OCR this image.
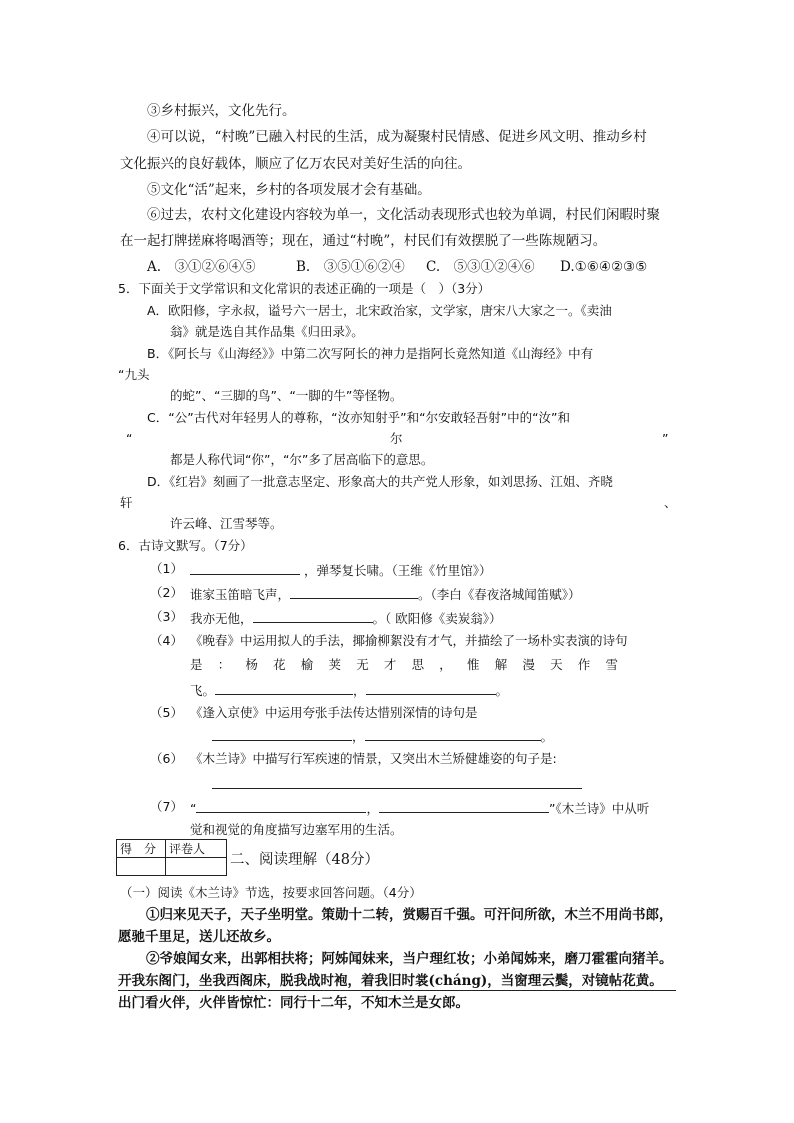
③乡村振兴，文化先行。
④可以说，“村晚”已融入村民的生活，成为凝聚村民情感、促进乡风文明、推动乡村
文化振兴的良好载体，顺应了亿万农民对美好生活的向往。
⑤文化“活”起来，乡村的各项发展才会有基础。
⑥过去，农村文化建设内容较为单一，文化活动表现形式也较为单调，村民们闲暇时聚
在一起打牌搓麻将喝酒等；现在，通过“村晚”，村民们有效摆脱了一些陈规陋习。
A.　③①②⑥④⑤	B.　③⑤①⑥②④ C.　⑤③①②④⑥ D.①⑥④②③⑤
5．下面关于文学常识和文化常识的表述正确的一项是（　）（3分）
A．欧阳修，字永叔，谥号六一居士，北宋政治家，文学家，唐宋八大家之一。《卖油
翁》就是选自其作品集《归田录》。
B．《阿长与《山海经》》中第二次写阿长的神力是指阿长竟然知道《山海经》中有
“九头
的蛇”、“三脚的鸟”、“一脚的牛”等怪物。
C．“公”古代对年轻男人的尊称，“汝亦知射乎”和“尔安敢轻吾射”中的“汝”和
“	尔	”
都是人称代词“你”，“尔”多了居高临下的意思。
D．《红岩》刻画了一批意志坚定、形象高大的共产党人形象，如刘思扬、江姐、齐晓
轩	、
许云峰、江雪琴等。
6．古诗文默写。（7分）
（1）	，弹琴复长啸。（王维《竹里馆》）
（2） 谁家玉笛暗飞声，	。（李白《春夜洛城闻笛赋》）
（3） 我亦无他，	。（ 欧阳修《卖炭翁》）
（4） 《晚春》中运用拟人的手法，揶揄柳絮没有才气，并描绘了一场朴实表演的诗句
是：杨花榆荚无才思，惟解漫天作雪
飞。	，	。
（5） 《逢入京使》中运用夸张手法传达惜别深情的诗句是
，	。
（6） 《木兰诗》中描写行军疾速的情景，又突出木兰矫健雄姿的句子是:
（7） “	，	”《木兰诗》中从听
觉和视觉的角度描写边塞军用的生活。
得　分	评卷人

二、阅读理解（48分）
（一）阅读《木兰诗》节选，按要求回答问题。（4分）
①归来见天子，天子坐明堂。策勋十二转，赏赐百千强。可汗问所欲，木兰不用尚书郎，
愿驰千里足，送儿还故乡。
②爷娘闻女来，出郭相扶将；阿姊闻妹来，当户理红妆；小弟闻姊来，磨刀霍霍向猪羊。
开我东阁门，坐我西阁床，脱我战时袍，着我旧时裳(cháng)，当窗理云鬓，对镜帖花黄。
出门看火伴，火伴皆惊忙：同行十二年，不知木兰是女郎。
